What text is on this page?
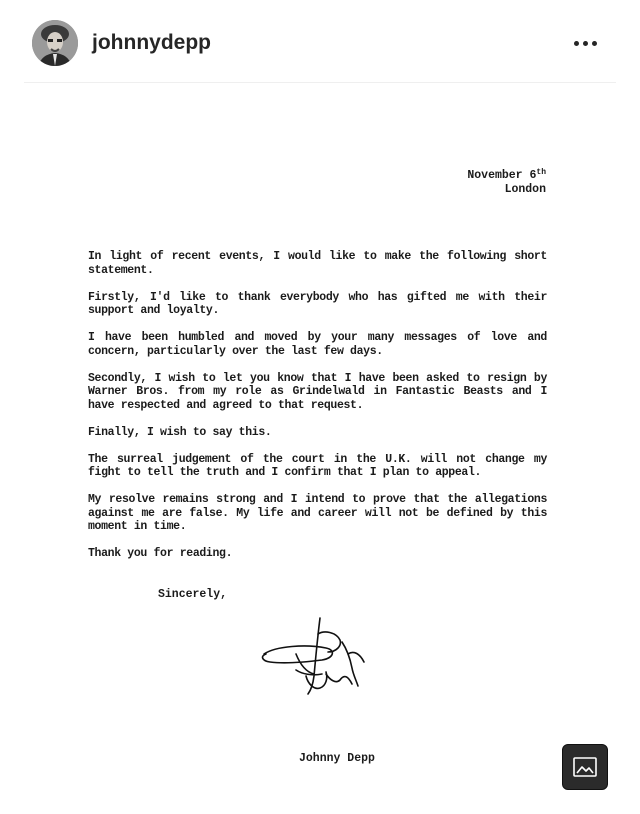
johnnydepp
November 6th
London

In light of recent events, I would like to make the following short statement.

Firstly, I'd like to thank everybody who has gifted me with their support and loyalty.

I have been humbled and moved by your many messages of love and concern, particularly over the last few days.

Secondly, I wish to let you know that I have been asked to resign by Warner Bros. from my role as Grindelwald in Fantastic Beasts and I have respected and agreed to that request.

Finally, I wish to say this.

The surreal judgement of the court in the U.K. will not change my fight to tell the truth and I confirm that I plan to appeal.

My resolve remains strong and I intend to prove that the allegations against me are false. My life and career will not be defined by this moment in time.

Thank you for reading.

Sincerely,
Johnny Depp
